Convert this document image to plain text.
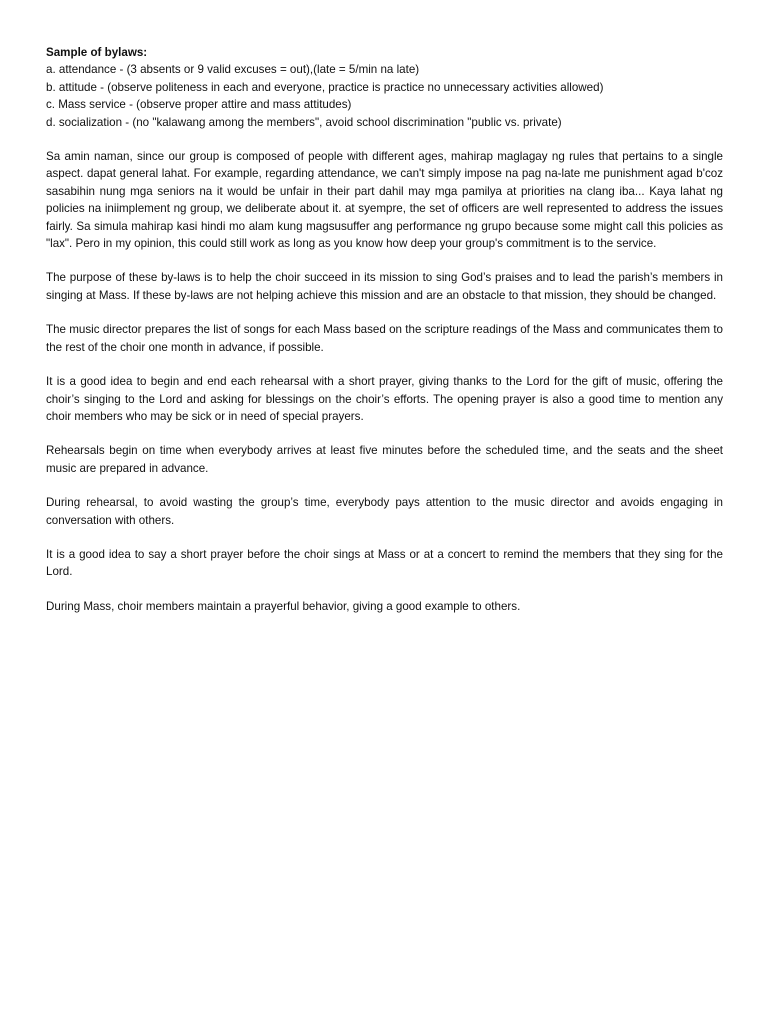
Sample of bylaws:
a. attendance - (3 absents or 9 valid excuses = out),(late = 5/min na late)
b. attitude - (observe politeness in each and everyone, practice is practice no unnecessary activities allowed)
c. Mass service - (observe proper attire and mass attitudes)
d. socialization - (no "kalawang among the members", avoid school discrimination "public vs. private)

Sa amin naman, since our group is composed of people with different ages, mahirap maglagay ng rules that pertains to a single aspect. dapat general lahat. For example, regarding attendance, we can't simply impose na pag na-late me punishment agad b'coz sasabihin nung mga seniors na it would be unfair in their part dahil may mga pamilya at priorities na clang iba... Kaya lahat ng policies na iniimplement ng group, we deliberate about it. at syempre, the set of officers are well represented to address the issues fairly. Sa simula mahirap kasi hindi mo alam kung magsusuffer ang performance ng grupo because some might call this policies as "lax". Pero in my opinion, this could still work as long as you know how deep your group's commitment is to the service.

The purpose of these by-laws is to help the choir succeed in its mission to sing God’s praises and to lead the parish’s members in singing at Mass. If these by-laws are not helping achieve this mission and are an obstacle to that mission, they should be changed.

The music director prepares the list of songs for each Mass based on the scripture readings of the Mass and communicates them to the rest of the choir one month in advance, if possible.

It is a good idea to begin and end each rehearsal with a short prayer, giving thanks to the Lord for the gift of music, offering the choir’s singing to the Lord and asking for blessings on the choir’s efforts. The opening prayer is also a good time to mention any choir members who may be sick or in need of special prayers.

Rehearsals begin on time when everybody arrives at least five minutes before the scheduled time, and the seats and the sheet music are prepared in advance.

During rehearsal, to avoid wasting the group’s time, everybody pays attention to the music director and avoids engaging in conversation with others.

It is a good idea to say a short prayer before the choir sings at Mass or at a concert to remind the members that they sing for the Lord.

During Mass, choir members maintain a prayerful behavior, giving a good example to others.
